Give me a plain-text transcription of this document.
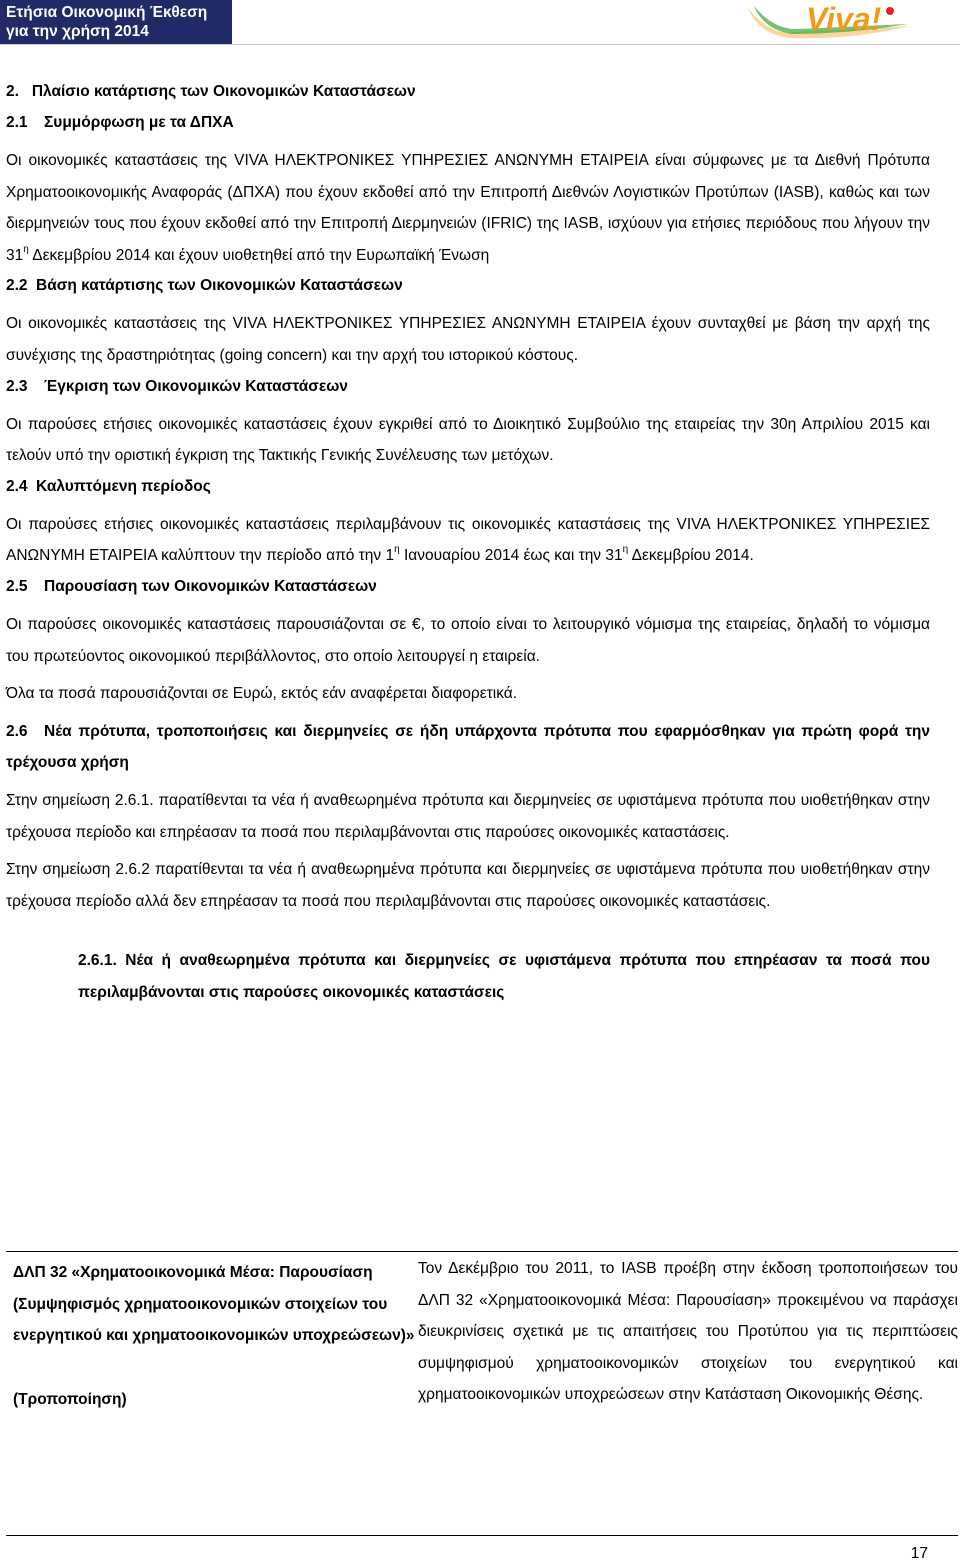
Ετήσια Οικονομική Έκθεση
για την χρήση 2014	Viva!
2.   Πλαίσιο κατάρτισης των Οικονομικών Καταστάσεων
2.1 Συμμόρφωση με τα ΔΠΧΑ

Οι οικονομικές καταστάσεις της VIVA ΗΛΕΚΤΡΟΝΙΚΕΣ ΥΠΗΡΕΣΙΕΣ ΑΝΩΝΥΜΗ ΕΤΑΙΡΕΙΑ είναι σύμφωνες με τα Διεθνή Πρότυπα Χρηματοοικονομικής Αναφοράς (ΔΠΧΑ) που έχουν εκδοθεί από την Επιτροπή Διεθνών Λογιστικών Προτύπων (IASB), καθώς και των διερμηνειών τους που έχουν εκδοθεί από την Επιτροπή Διερμηνειών (IFRIC) της IASB, ισχύουν για ετήσιες περιόδους που λήγουν την $31^\eta$ Δεκεμβρίου 2014 και έχουν υιοθετηθεί από την Ευρωπαϊκή Ένωση

2.2 Βάση κατάρτισης των Οικονομικών Καταστάσεων

Οι οικονομικές καταστάσεις της VIVA ΗΛΕΚΤΡΟΝΙΚΕΣ ΥΠΗΡΕΣΙΕΣ ΑΝΩΝΥΜΗ ΕΤΑΙΡΕΙΑ έχουν συνταχθεί με βάση την αρχή της συνέχισης της δραστηριότητας (going concern) και την αρχή του ιστορικού κόστους.

2.3 Έγκριση των Οικονομικών Καταστάσεων

Οι παρούσες ετήσιες οικονομικές καταστάσεις έχουν εγκριθεί από το Διοικητικό Συμβούλιο της εταιρείας την 30η Απριλίου 2015 και τελούν υπό την οριστική έγκριση της Τακτικής Γενικής Συνέλευσης των μετόχων.

2.4 Καλυπτόμενη περίοδος

Οι παρούσες ετήσιες οικονομικές καταστάσεις περιλαμβάνουν τις οικονομικές καταστάσεις της VIVA ΗΛΕΚΤΡΟΝΙΚΕΣ ΥΠΗΡΕΣΙΕΣ ΑΝΩΝΥΜΗ ΕΤΑΙΡΕΙΑ καλύπτουν την περίοδο από την $1^\eta$ Ιανουαρίου 2014 έως και την $31^\eta$ Δεκεμβρίου 2014.

2.5 Παρουσίαση των Οικονομικών Καταστάσεων

Οι παρούσες οικονομικές καταστάσεις παρουσιάζονται σε €, το οποίο είναι το λειτουργικό νόμισμα της εταιρείας, δηλαδή το νόμισμα του πρωτεύοντος οικονομικού περιβάλλοντος, στο οποίο λειτουργεί η εταιρεία.

Όλα τα ποσά παρουσιάζονται σε Ευρώ, εκτός εάν αναφέρεται διαφορετικά.

2.6 Νέα πρότυπα, τροποποιήσεις και διερμηνείες σε ήδη υπάρχοντα πρότυπα που εφαρμόσθηκαν για πρώτη φορά την τρέχουσα χρήση

Στην σημείωση 2.6.1. παρατίθενται τα νέα ή αναθεωρημένα πρότυπα και διερμηνείες σε υφιστάμενα πρότυπα που υιοθετήθηκαν στην τρέχουσα περίοδο και επηρέασαν τα ποσά που περιλαμβάνονται στις παρούσες οικονομικές καταστάσεις.

Στην σημείωση 2.6.2 παρατίθενται τα νέα ή αναθεωρημένα πρότυπα και διερμηνείες σε υφιστάμενα πρότυπα που υιοθετήθηκαν στην τρέχουσα περίοδο αλλά δεν επηρέασαν τα ποσά που περιλαμβάνονται στις παρούσες οικονομικές καταστάσεις.

2.6.1. Νέα ή αναθεωρημένα πρότυπα και διερμηνείες σε υφιστάμενα πρότυπα που επηρέασαν τα ποσά που περιλαμβάνονται στις παρούσες οικονομικές καταστάσεις

ΔΛΠ 32 «Χρηματοοικονομικά Μέσα: Παρουσίαση (Συμψηφισμός χρηματοοικονομικών στοιχείων του ενεργητικού και χρηματοοικονομικών υποχρεώσεων)»
(Τροποποίηση)
	Τον Δεκέμβριο του 2011, το IASB προέβη στην έκδοση τροποποιήσεων του ΔΛΠ 32 «Χρηματοοικονομικά Μέσα: Παρουσίαση» προκειμένου να παράσχει διευκρινίσεις σχετικά με τις απαιτήσεις του Προτύπου για τις περιπτώσεις συμψηφισμού χρηματοοικονομικών στοιχείων του ενεργητικού και χρηματοοικονομικών υποχρεώσεων στην Κατάσταση Οικονομικής Θέσης.
17
